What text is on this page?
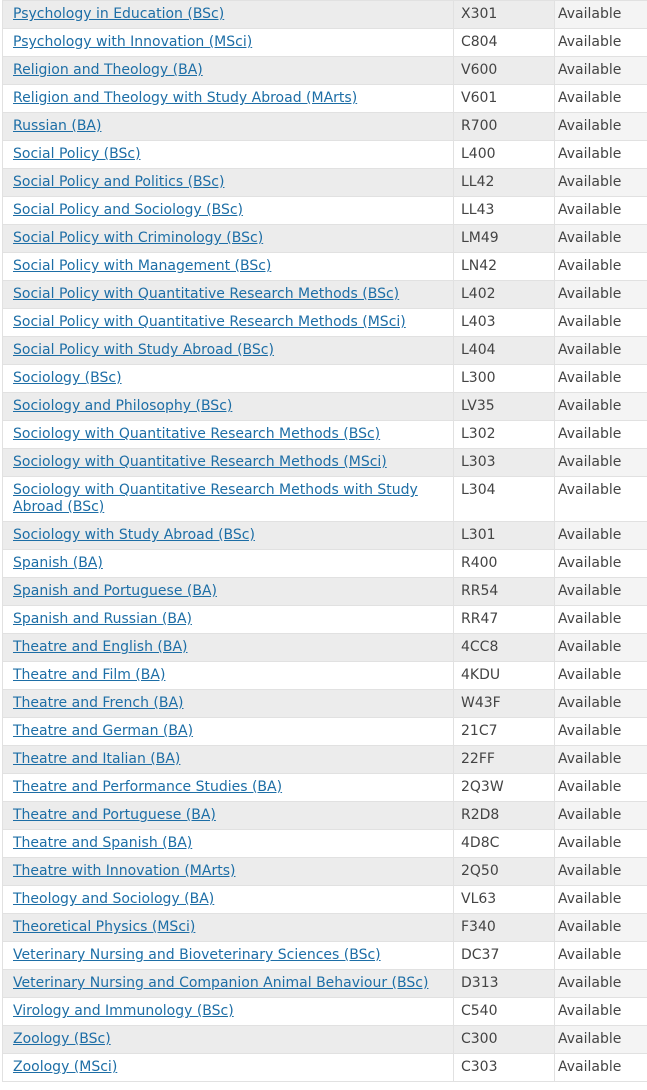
Psychology in Education (BSc)	X301	Available
Psychology with Innovation (MSci)	C804	Available
Religion and Theology (BA)	V600	Available
Religion and Theology with Study Abroad (MArts)	V601	Available
Russian (BA)	R700	Available
Social Policy (BSc)	L400	Available
Social Policy and Politics (BSc)	LL42	Available
Social Policy and Sociology (BSc)	LL43	Available
Social Policy with Criminology (BSc)	LM49	Available
Social Policy with Management (BSc)	LN42	Available
Social Policy with Quantitative Research Methods (BSc)	L402	Available
Social Policy with Quantitative Research Methods (MSci)	L403	Available
Social Policy with Study Abroad (BSc)	L404	Available
Sociology (BSc)	L300	Available
Sociology and Philosophy (BSc)	LV35	Available
Sociology with Quantitative Research Methods (BSc)	L302	Available
Sociology with Quantitative Research Methods (MSci)	L303	Available
Sociology with Quantitative Research Methods with Study Abroad (BSc)	L304	Available
Sociology with Study Abroad (BSc)	L301	Available
Spanish (BA)	R400	Available
Spanish and Portuguese (BA)	RR54	Available
Spanish and Russian (BA)	RR47	Available
Theatre and English (BA)	4CC8	Available
Theatre and Film (BA)	4KDU	Available
Theatre and French (BA)	W43F	Available
Theatre and German (BA)	21C7	Available
Theatre and Italian (BA)	22FF	Available
Theatre and Performance Studies (BA)	2Q3W	Available
Theatre and Portuguese (BA)	R2D8	Available
Theatre and Spanish (BA)	4D8C	Available
Theatre with Innovation (MArts)	2Q50	Available
Theology and Sociology (BA)	VL63	Available
Theoretical Physics (MSci)	F340	Available
Veterinary Nursing and Bioveterinary Sciences (BSc)	DC37	Available
Veterinary Nursing and Companion Animal Behaviour (BSc)	D313	Available
Virology and Immunology (BSc)	C540	Available
Zoology (BSc)	C300	Available
Zoology (MSci)	C303	Available
